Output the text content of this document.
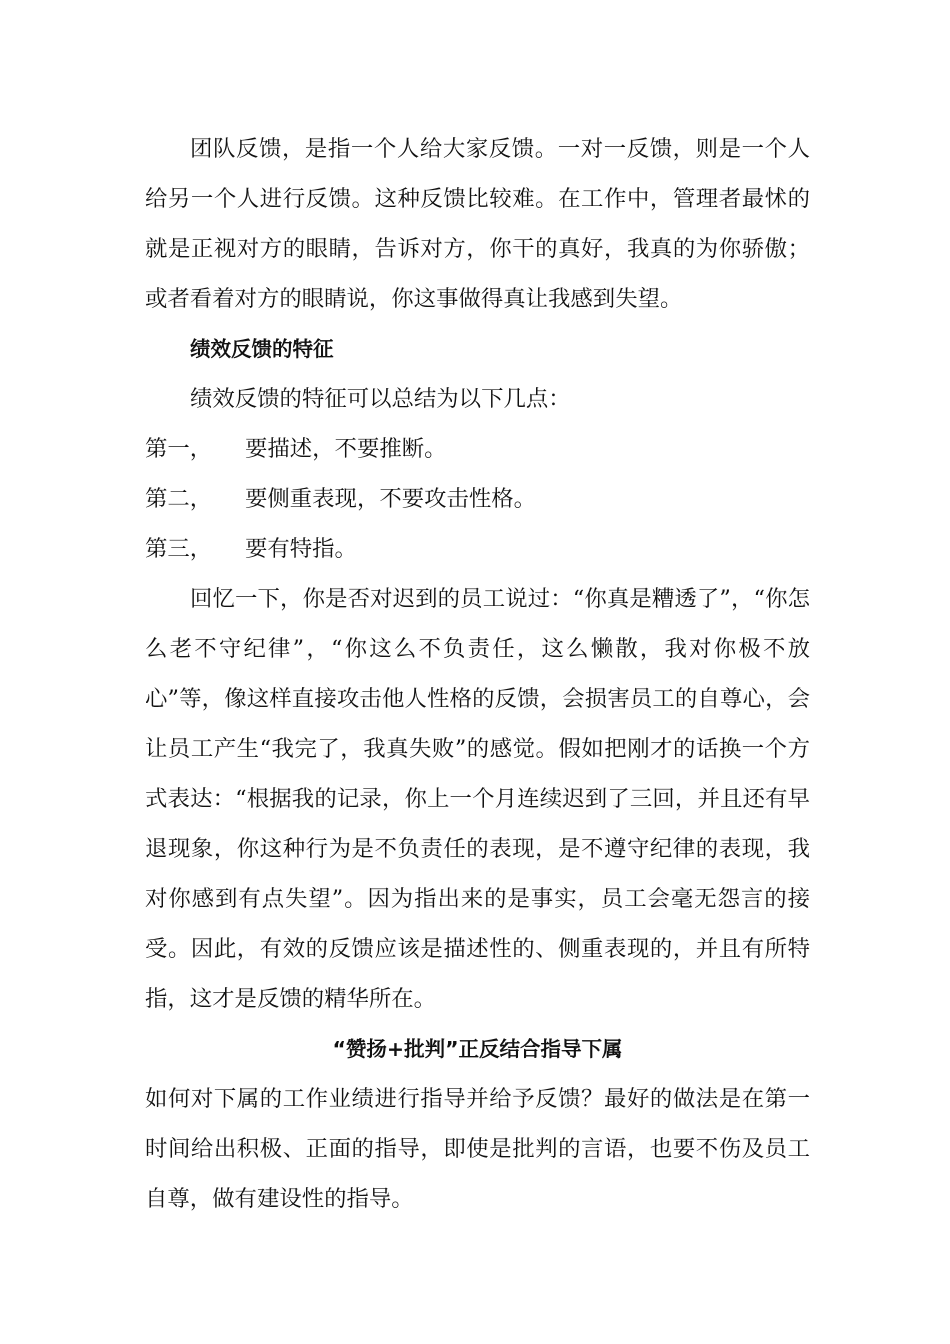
团队反馈，是指一个人给大家反馈。一对一反馈，则是一个人给另一个人进行反馈。这种反馈比较难。在工作中，管理者最怵的就是正视对方的眼睛，告诉对方，你干的真好，我真的为你骄傲；或者看着对方的眼睛说，你这事做得真让我感到失望。

绩效反馈的特征

绩效反馈的特征可以总结为以下几点：

第一，	要描述，不要推断。
第二，	要侧重表现，不要攻击性格。
第三，	要有特指。

回忆一下，你是否对迟到的员工说过：“你真是糟透了”，“你怎么老不守纪律”，“你这么不负责任，这么懒散，我对你极不放心”等，像这样直接攻击他人性格的反馈，会损害员工的自尊心，会让员工产生“我完了，我真失败”的感觉。假如把刚才的话换一个方式表达：“根据我的记录，你上一个月连续迟到了三回，并且还有早退现象，你这种行为是不负责任的表现，是不遵守纪律的表现，我对你感到有点失望”。因为指出来的是事实，员工会毫无怨言的接受。因此，有效的反馈应该是描述性的、侧重表现的，并且有所特指，这才是反馈的精华所在。

“赞扬+批判”正反结合指导下属

如何对下属的工作业绩进行指导并给予反馈？最好的做法是在第一时间给出积极、正面的指导，即使是批判的言语，也要不伤及员工自尊，做有建设性的指导。
